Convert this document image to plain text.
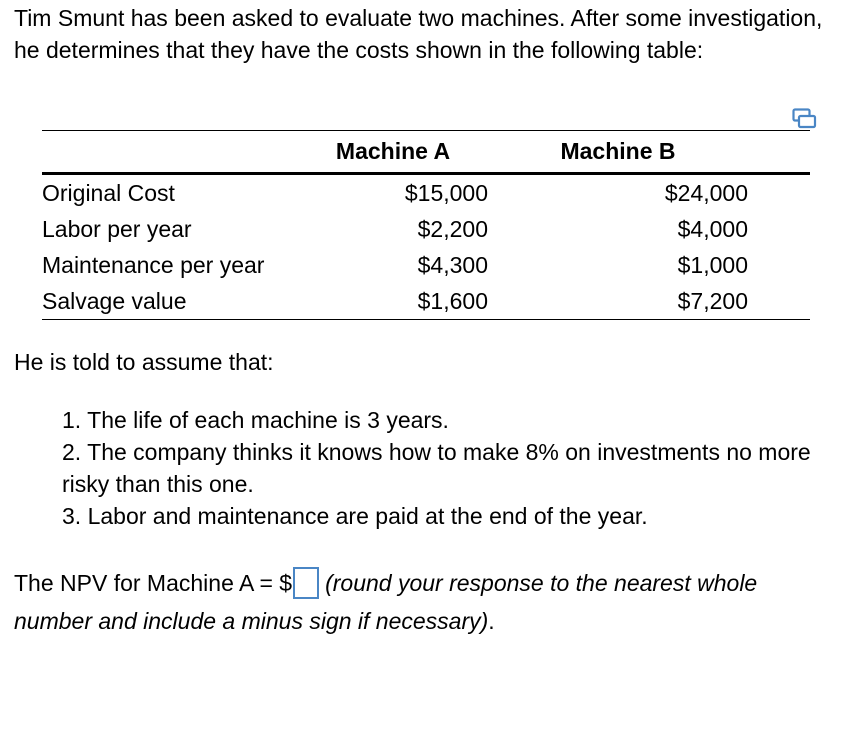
Tim Smunt has been asked to evaluate two machines. After some investigation, he determines that they have the costs shown in the following table:
	Machine A	Machine B	
Original Cost	$15,000	$24,000	
Labor per year	$2,200	$4,000	
Maintenance per year	$4,300	$1,000	
Salvage value	$1,600	$7,200	
He is told to assume that:
1. The life of each machine is 3 years.
2. The company thinks it knows how to make 8% on investments no more risky than this one.
3. Labor and maintenance are paid at the end of the year.
The NPV for Machine A = $ (round your response to the nearest whole number and include a minus sign if necessary).
